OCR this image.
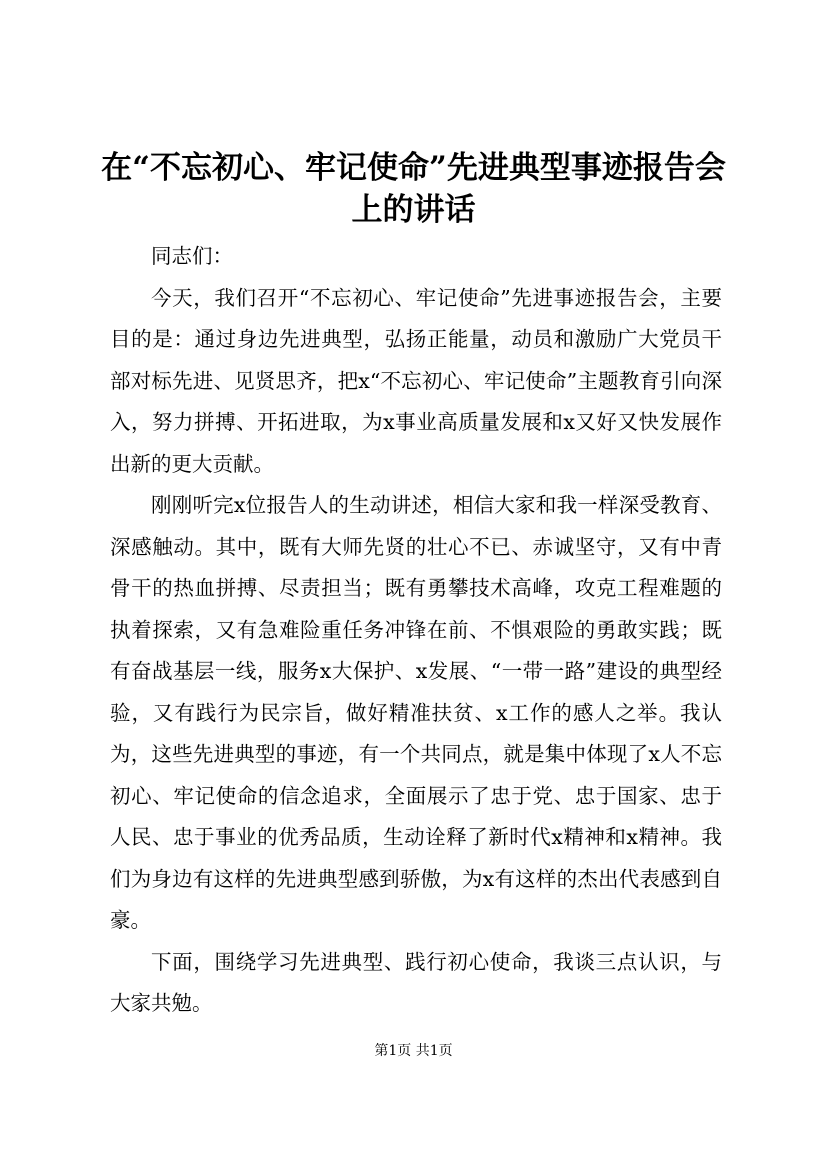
在“不忘初心、牢记使命”先进典型事迹报告会上的讲话

同志们：

今天，我们召开“不忘初心、牢记使命”先进事迹报告会，主要目的是：通过身边先进典型，弘扬正能量，动员和激励广大党员干部对标先进、见贤思齐，把x“不忘初心、牢记使命”主题教育引向深入，努力拼搏、开拓进取，为x事业高质量发展和x又好又快发展作出新的更大贡献。

刚刚听完x位报告人的生动讲述，相信大家和我一样深受教育、深感触动。其中，既有大师先贤的壮心不已、赤诚坚守，又有中青骨干的热血拼搏、尽责担当；既有勇攀技术高峰，攻克工程难题的执着探索，又有急难险重任务冲锋在前、不惧艰险的勇敢实践；既有奋战基层一线，服务x大保护、x发展、“一带一路”建设的典型经验，又有践行为民宗旨，做好精准扶贫、x工作的感人之举。我认为，这些先进典型的事迹，有一个共同点，就是集中体现了x人不忘初心、牢记使命的信念追求，全面展示了忠于党、忠于国家、忠于人民、忠于事业的优秀品质，生动诠释了新时代x精神和x精神。我们为身边有这样的先进典型感到骄傲，为x有这样的杰出代表感到自豪。

下面，围绕学习先进典型、践行初心使命，我谈三点认识，与大家共勉。

第1页 共1页
